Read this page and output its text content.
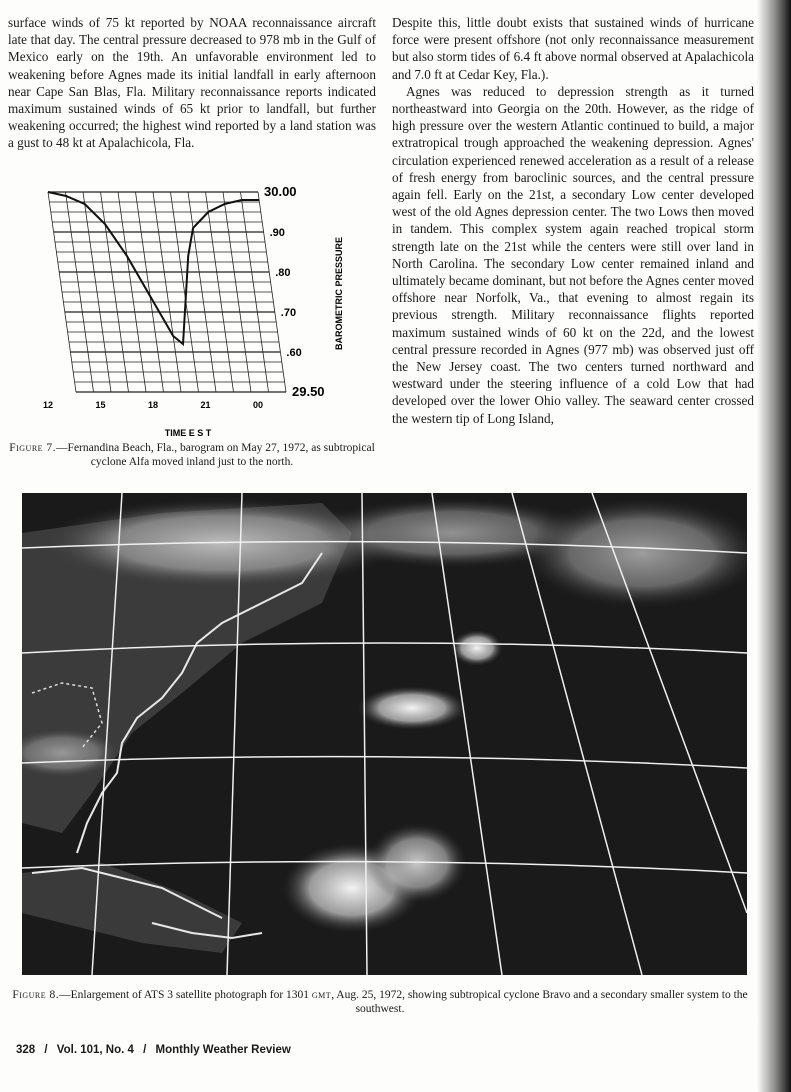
surface winds of 75 kt reported by NOAA reconnaissance aircraft late that day. The central pressure decreased to 978 mb in the Gulf of Mexico early on the 19th. An unfavorable environment led to weakening before Agnes made its initial landfall in early afternoon near Cape San Blas, Fla. Military reconnaissance reports indicated maximum sustained winds of 65 kt prior to landfall, but further weakening occurred; the highest wind reported by a land station was a gust to 48 kt at Apalachicola, Fla.

Despite this, little doubt exists that sustained winds of hurricane force were present offshore (not only reconnaissance measurement but also storm tides of 6.4 ft above normal observed at Apalachicola and 7.0 ft at Cedar Key, Fla.).

Agnes was reduced to depression strength as it turned northeastward into Georgia on the 20th. However, as the ridge of high pressure over the western Atlantic continued to build, a major extratropical trough approached the weakening depression. Agnes' circulation experienced renewed acceleration as a result of a release of fresh energy from baroclinic sources, and the central pressure again fell. Early on the 21st, a secondary Low center developed west of the old Agnes depression center. The two Lows then moved in tandem. This complex system again reached tropical storm strength late on the 21st while the centers were still over land in North Carolina. The secondary Low center remained inland and ultimately became dominant, but not before the Agnes center moved offshore near Norfolk, Va., that evening to almost regain its previous strength. Military reconnaissance flights reported maximum sustained winds of 60 kt on the 22d, and the lowest central pressure recorded in Agnes (977 mb) was observed just off the New Jersey coast. The two centers turned northward and westward under the steering influence of a cold Low that had developed over the lower Ohio valley. The seaward center crossed the western tip of Long Island,

30.00
.90
.80
.70
.60
29.50
12	15	18	21	00
BAROMETRIC PRESSURE
TIME E S T
Figure 7.—Fernandina Beach, Fla., barogram on May 27, 1972, as subtropical cyclone Alfa moved inland just to the north.
Figure 8.—Enlargement of ATS 3 satellite photograph for 1301 gmt, Aug. 25, 1972, showing subtropical cyclone Bravo and a secondary smaller system to the southwest.
328 / Vol. 101, No. 4 / Monthly Weather Review
